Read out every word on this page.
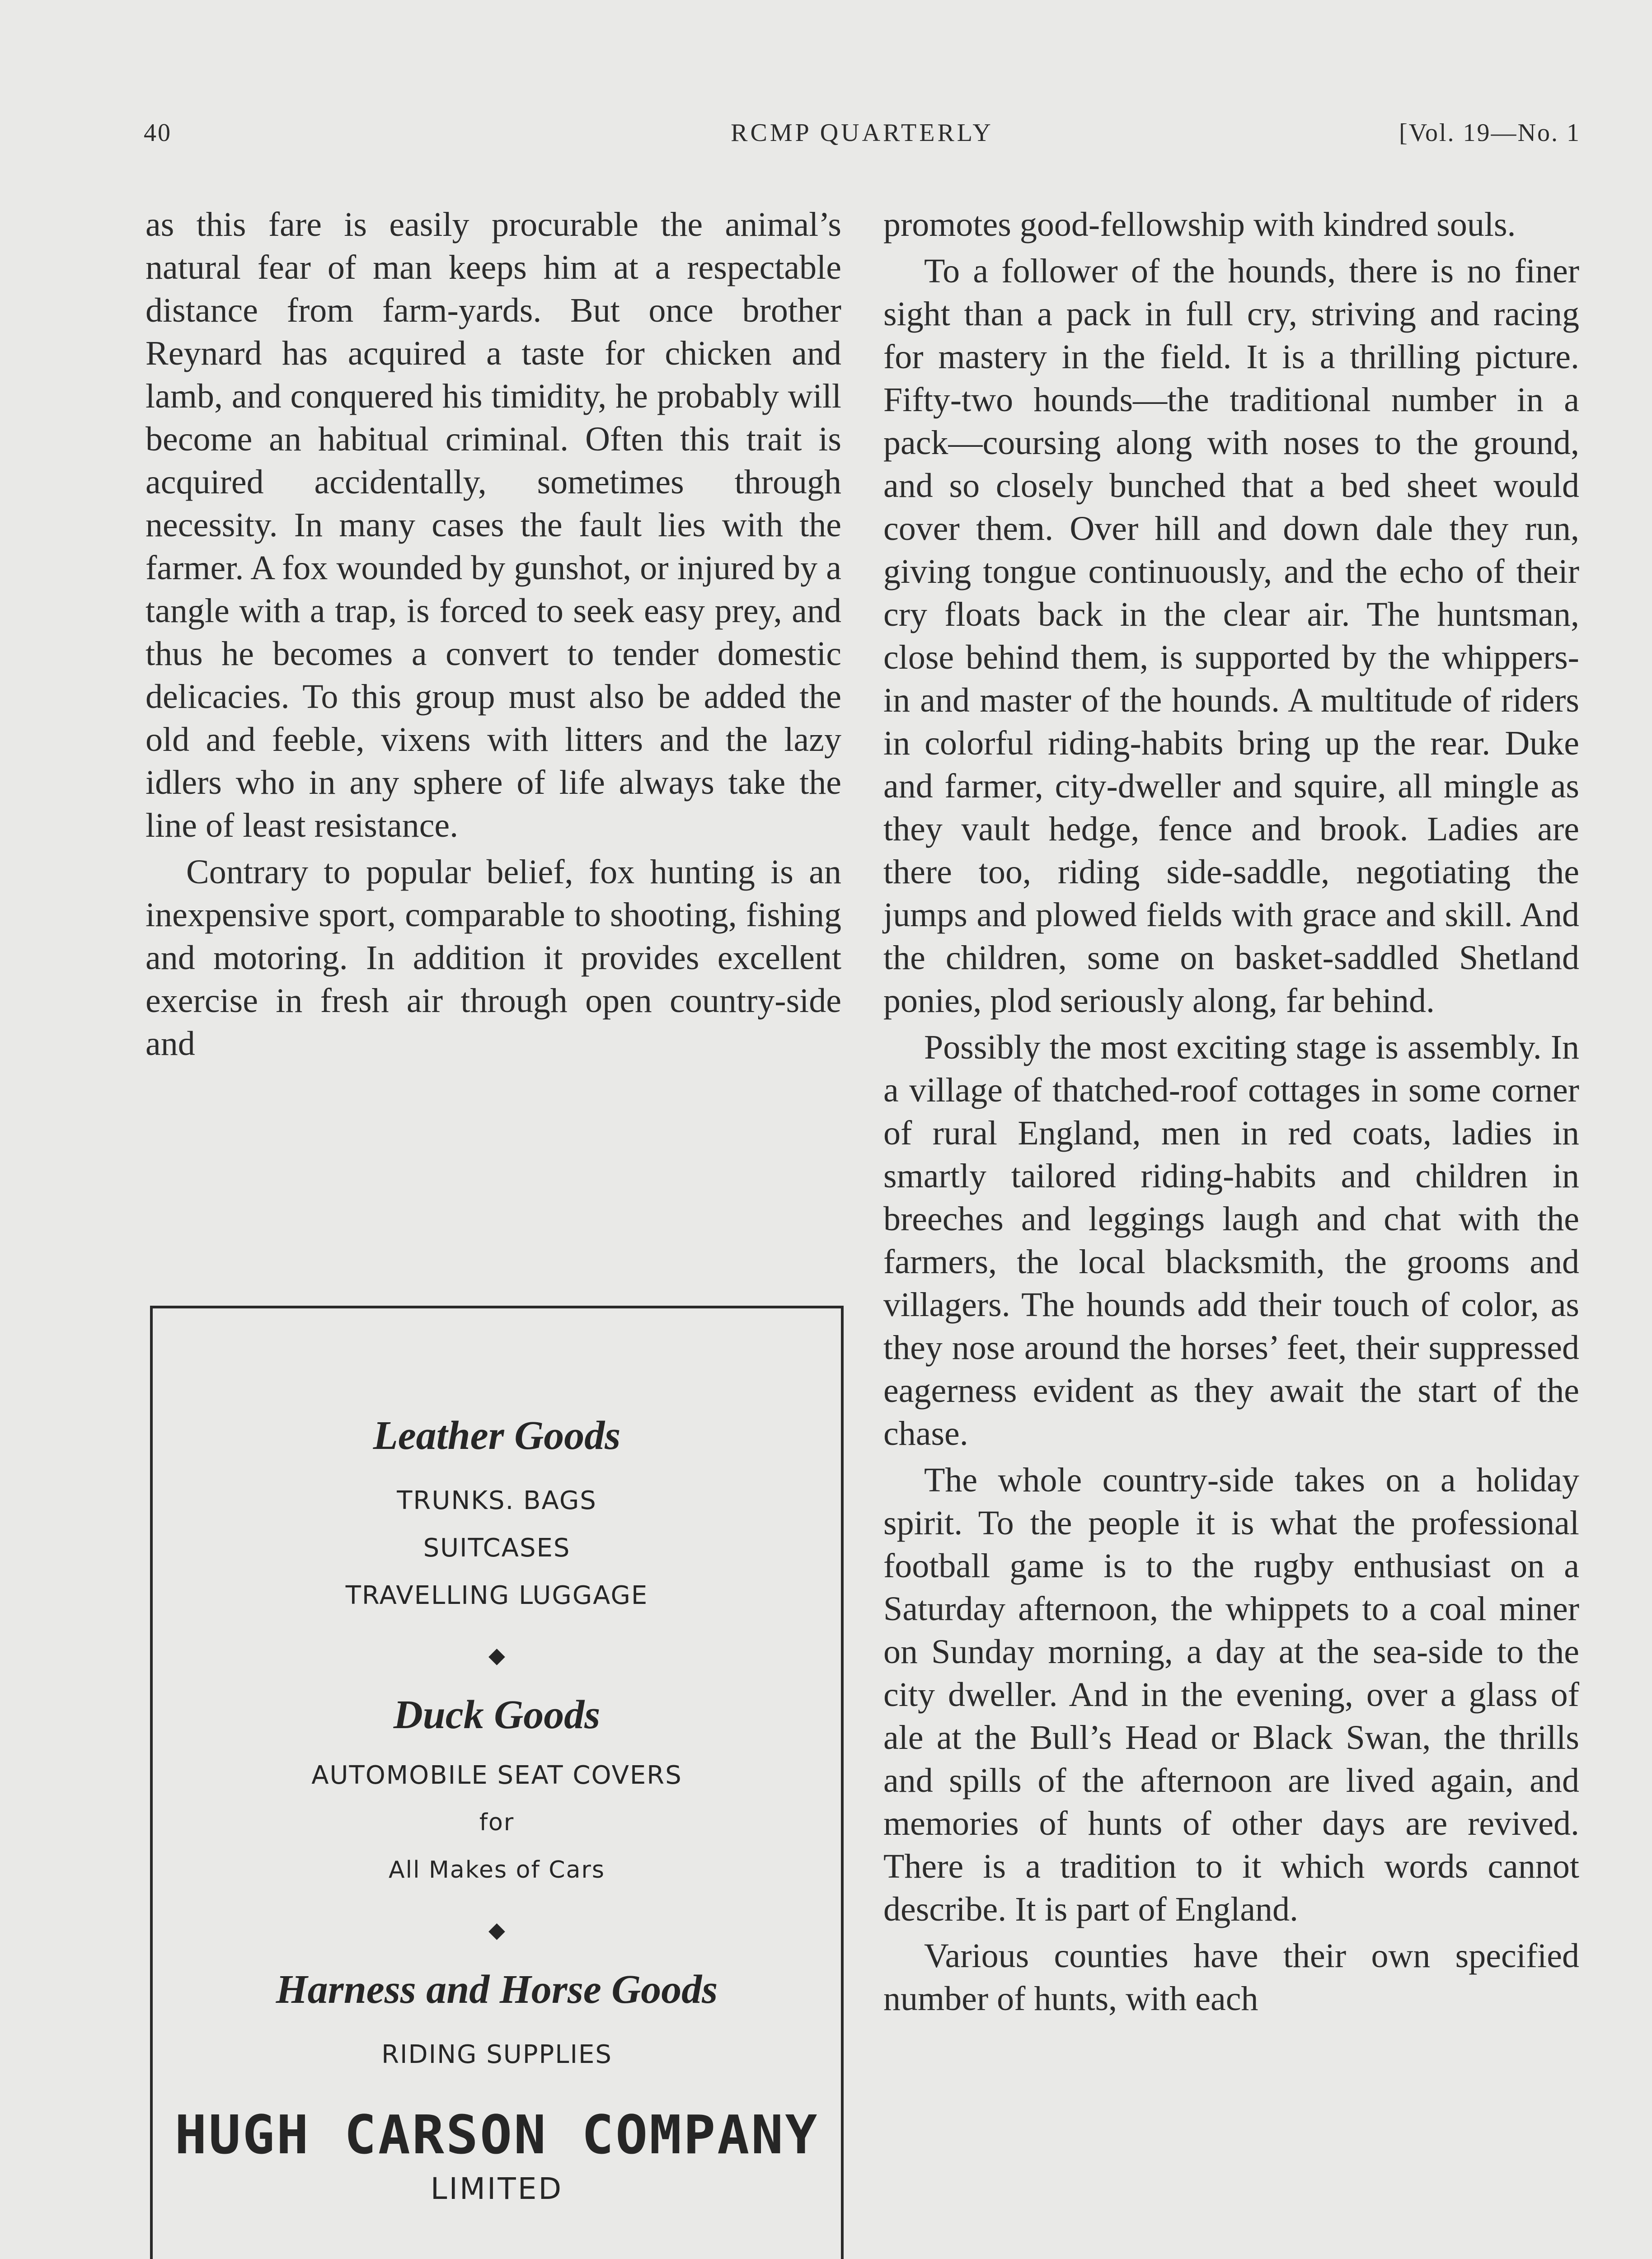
40	RCMP QUARTERLY	[Vol. 19—No. 1

as this fare is easily procurable the animal’s natural fear of man keeps him at a respectable distance from farm-yards. But once brother Reynard has acquired a taste for chicken and lamb, and conquered his timidity, he probably will become an habitual criminal. Often this trait is acquired accidentally, sometimes through necessity. In many cases the fault lies with the farmer. A fox wounded by gunshot, or injured by a tangle with a trap, is forced to seek easy prey, and thus he becomes a convert to tender domestic delicacies. To this group must also be added the old and feeble, vixens with litters and the lazy idlers who in any sphere of life always take the line of least resistance.

Contrary to popular belief, fox hunting is an inexpensive sport, comparable to shooting, fishing and motoring. In addition it provides excellent exercise in fresh air through open country-side and

promotes good-fellowship with kindred souls.

To a follower of the hounds, there is no finer sight than a pack in full cry, striving and racing for mastery in the field. It is a thrilling picture. Fifty-two hounds—the traditional number in a pack—coursing along with noses to the ground, and so closely bunched that a bed sheet would cover them. Over hill and down dale they run, giving tongue continuously, and the echo of their cry floats back in the clear air. The huntsman, close behind them, is supported by the whippers-in and master of the hounds. A multitude of riders in colorful riding-habits bring up the rear. Duke and farmer, city-dweller and squire, all mingle as they vault hedge, fence and brook. Ladies are there too, riding side-saddle, negotiating the jumps and plowed fields with grace and skill. And the children, some on basket-saddled Shetland ponies, plod seriously along, far behind.

Possibly the most exciting stage is assembly. In a village of thatched-roof cottages in some corner of rural England, men in red coats, ladies in smartly tailored riding-habits and children in breeches and leggings laugh and chat with the farmers, the local blacksmith, the grooms and villagers. The hounds add their touch of color, as they nose around the horses’ feet, their suppressed eagerness evident as they await the start of the chase.

The whole country-side takes on a holiday spirit. To the people it is what the professional football game is to the rugby enthusiast on a Saturday afternoon, the whippets to a coal miner on Sunday morning, a day at the sea-side to the city dweller. And in the evening, over a glass of ale at the Bull’s Head or Black Swan, the thrills and spills of the afternoon are lived again, and memories of hunts of other days are revived. There is a tradition to it which words cannot describe. It is part of England.

Various counties have their own specified number of hunts, with each

Leather Goods
TRUNKS. BAGS
SUITCASES
TRAVELLING LUGGAGE
◆
Duck Goods
AUTOMOBILE SEAT COVERS
for
All Makes of Cars
◆
Harness and Horse Goods
RIDING SUPPLIES
HUGH CARSON COMPANY
LIMITED
